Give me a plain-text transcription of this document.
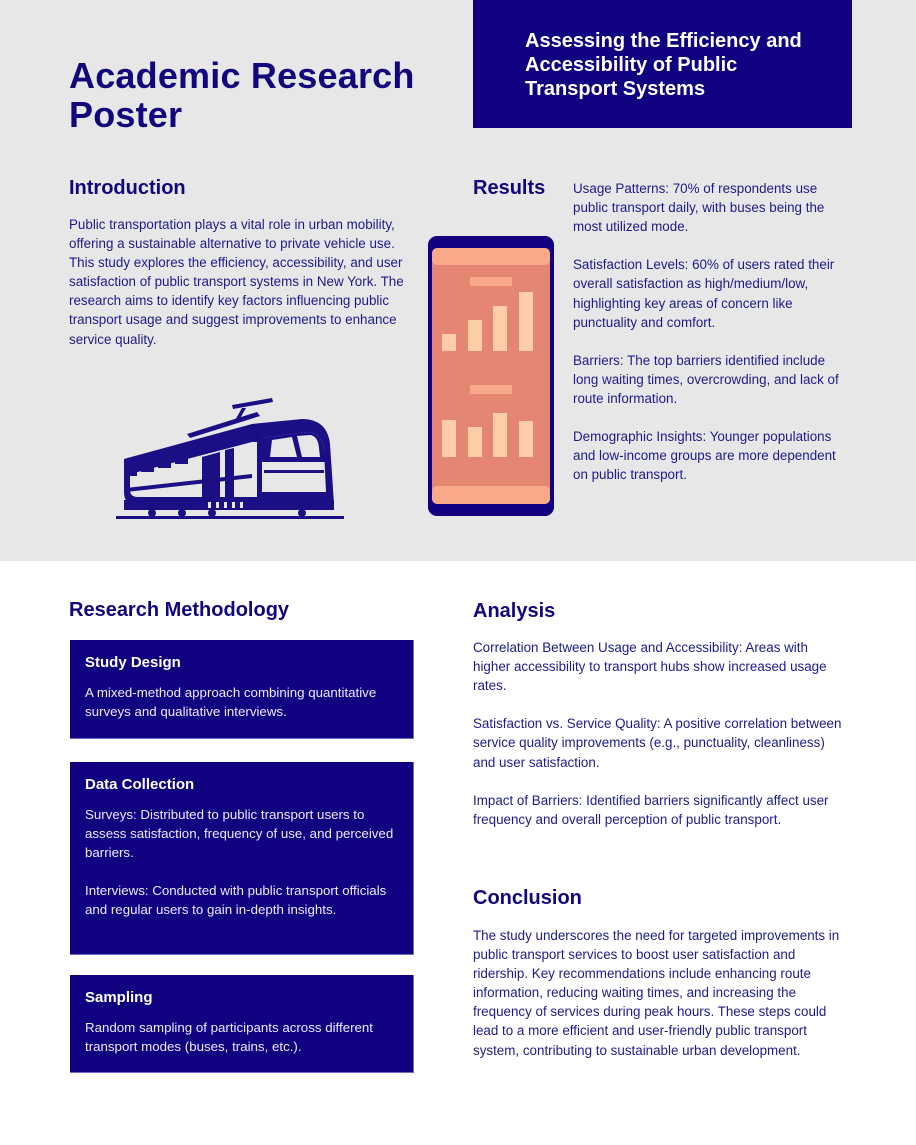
Academic Research Poster
Assessing the Efficiency and Accessibility of Public Transport Systems
Introduction
Public transportation plays a vital role in urban mobility, offering a sustainable alternative to private vehicle use. This study explores the efficiency, accessibility, and user satisfaction of public transport systems in New York. The research aims to identify key factors influencing public transport usage and suggest improvements to enhance service quality.
Results Usage Patterns: 70% of respondents use public transport daily, with buses being the most utilized mode.

Satisfaction Levels: 60% of users rated their overall satisfaction as high/medium/low, highlighting key areas of concern like punctuality and comfort.

Barriers: The top barriers identified include long waiting times, overcrowding, and lack of route information.

Demographic Insights: Younger populations and low-income groups are more dependent on public transport.

Research Methodology
Study Design

A mixed-method approach combining quantitative surveys and qualitative interviews.

Data Collection

Surveys: Distributed to public transport users to assess satisfaction, frequency of use, and perceived barriers.

Interviews: Conducted with public transport officials and regular users to gain in-depth insights.

Sampling

Random sampling of participants across different transport modes (buses, trains, etc.).

Analysis

Correlation Between Usage and Accessibility: Areas with higher accessibility to transport hubs show increased usage rates.

Satisfaction vs. Service Quality: A positive correlation between service quality improvements (e.g., punctuality, cleanliness) and user satisfaction.

Impact of Barriers: Identified barriers significantly affect user frequency and overall perception of public transport.

Conclusion
The study underscores the need for targeted improvements in public transport services to boost user satisfaction and ridership. Key recommendations include enhancing route information, reducing waiting times, and increasing the frequency of services during peak hours. These steps could lead to a more efficient and user-friendly public transport system, contributing to sustainable urban development.
